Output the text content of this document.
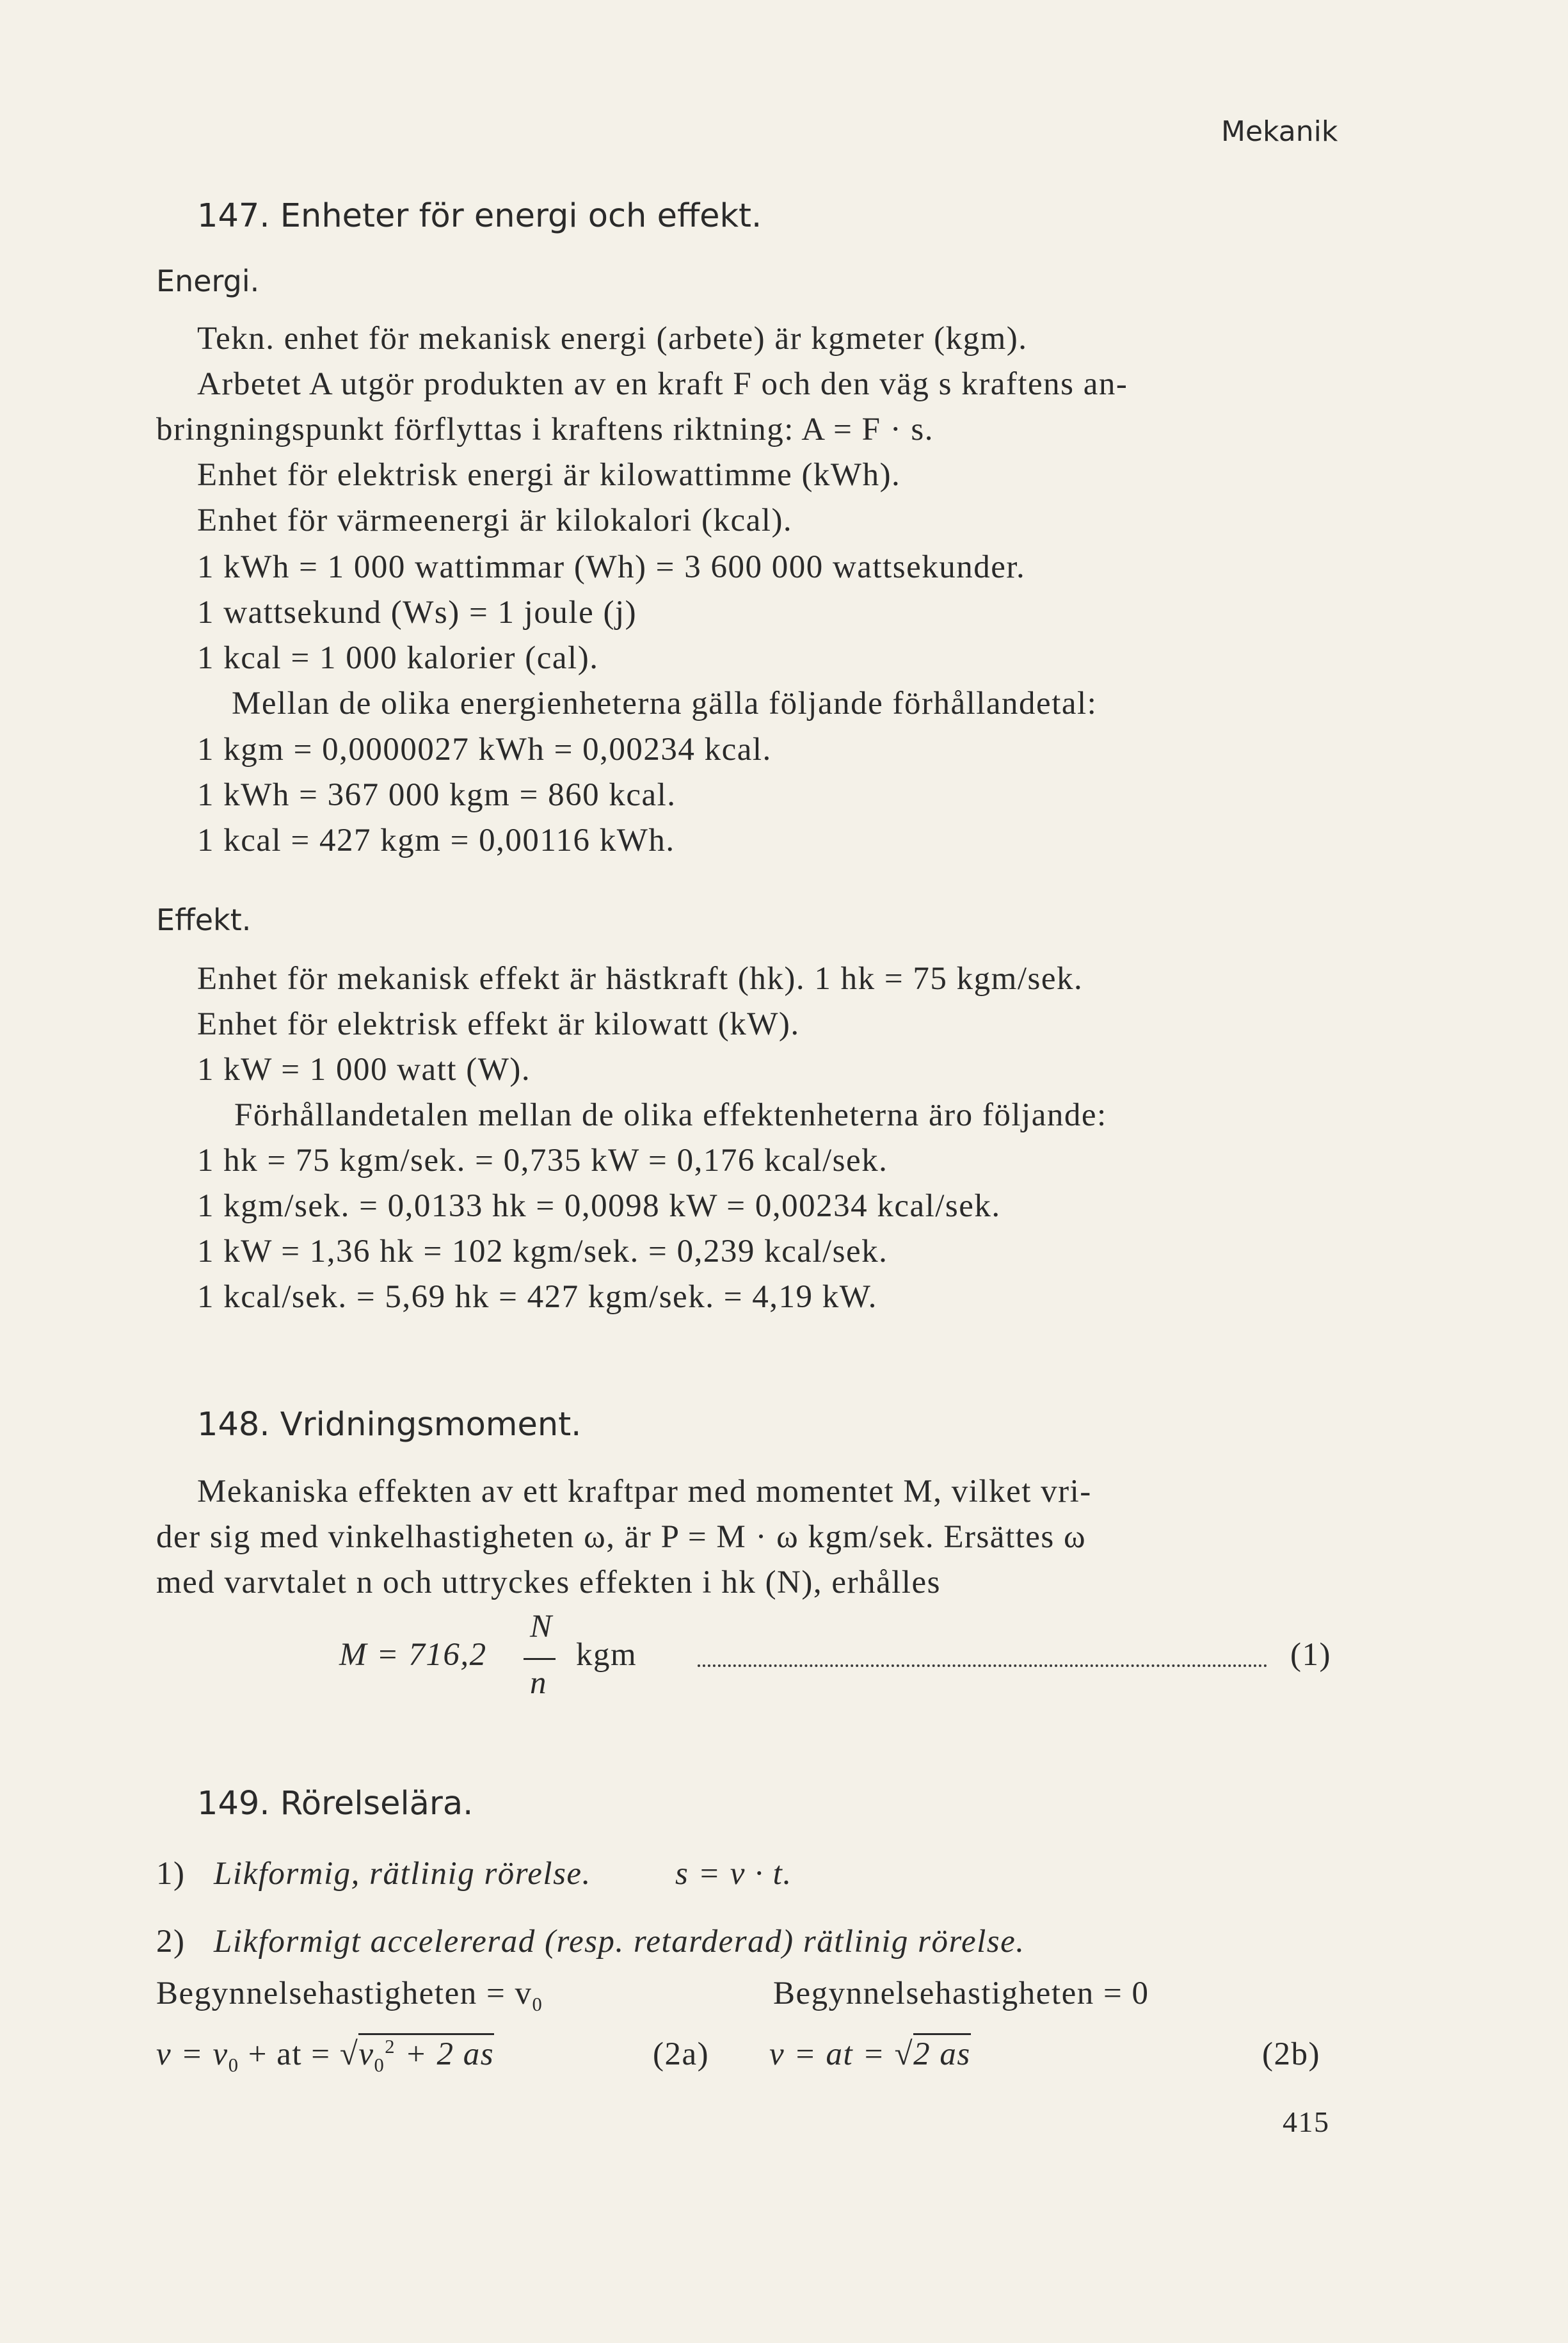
Mekanik
147. Enheter för energi och effekt.
Energi.
Tekn. enhet för mekanisk energi (arbete) är kgmeter (kgm).
Arbetet A utgör produkten av en kraft F och den väg s kraftens an-
bringningspunkt förflyttas i kraftens riktning: A = F · s.
Enhet för elektrisk energi är kilowattimme (kWh).
Enhet för värmeenergi är kilokalori (kcal).
1 kWh = 1 000 wattimmar (Wh) = 3 600 000 wattsekunder.
1 wattsekund (Ws) = 1 joule (j)
1 kcal = 1 000 kalorier (cal).
Mellan de olika energienheterna gälla följande förhållandetal:
1 kgm = 0,0000027 kWh = 0,00234 kcal.
1 kWh = 367 000 kgm = 860 kcal.
1 kcal = 427 kgm = 0,00116 kWh.
Effekt.
Enhet för mekanisk effekt är hästkraft (hk). 1 hk = 75 kgm/sek.
Enhet för elektrisk effekt är kilowatt (kW).
1 kW = 1 000 watt (W).
Förhållandetalen mellan de olika effektenheterna äro följande:
1 hk = 75 kgm/sek. = 0,735 kW = 0,176 kcal/sek.
1 kgm/sek. = 0,0133 hk = 0,0098 kW = 0,00234 kcal/sek.
1 kW = 1,36 hk = 102 kgm/sek. = 0,239 kcal/sek.
1 kcal/sek. = 5,69 hk = 427 kgm/sek. = 4,19 kW.
148. Vridningsmoment.
Mekaniska effekten av ett kraftpar med momentet M, vilket vri-
der sig med vinkelhastigheten ω, är P = M · ω kgm/sek. Ersättes ω
med varvtalet n och uttryckes effekten i hk (N), erhålles
M = 716,2
N
n
kgm	(1)
149. Rörelselära.
1) Likformig, rätlinig rörelse.	s = v · t.
2) Likformigt accelererad (resp. retarderad) rätlinig rörelse.
Begynnelsehastigheten = $v_0$	Begynnelsehastigheten = 0
$v = v_0$ + at = $√v_0^2 + 2$ as	(2a) v = at = √2 as	(2b)
415
